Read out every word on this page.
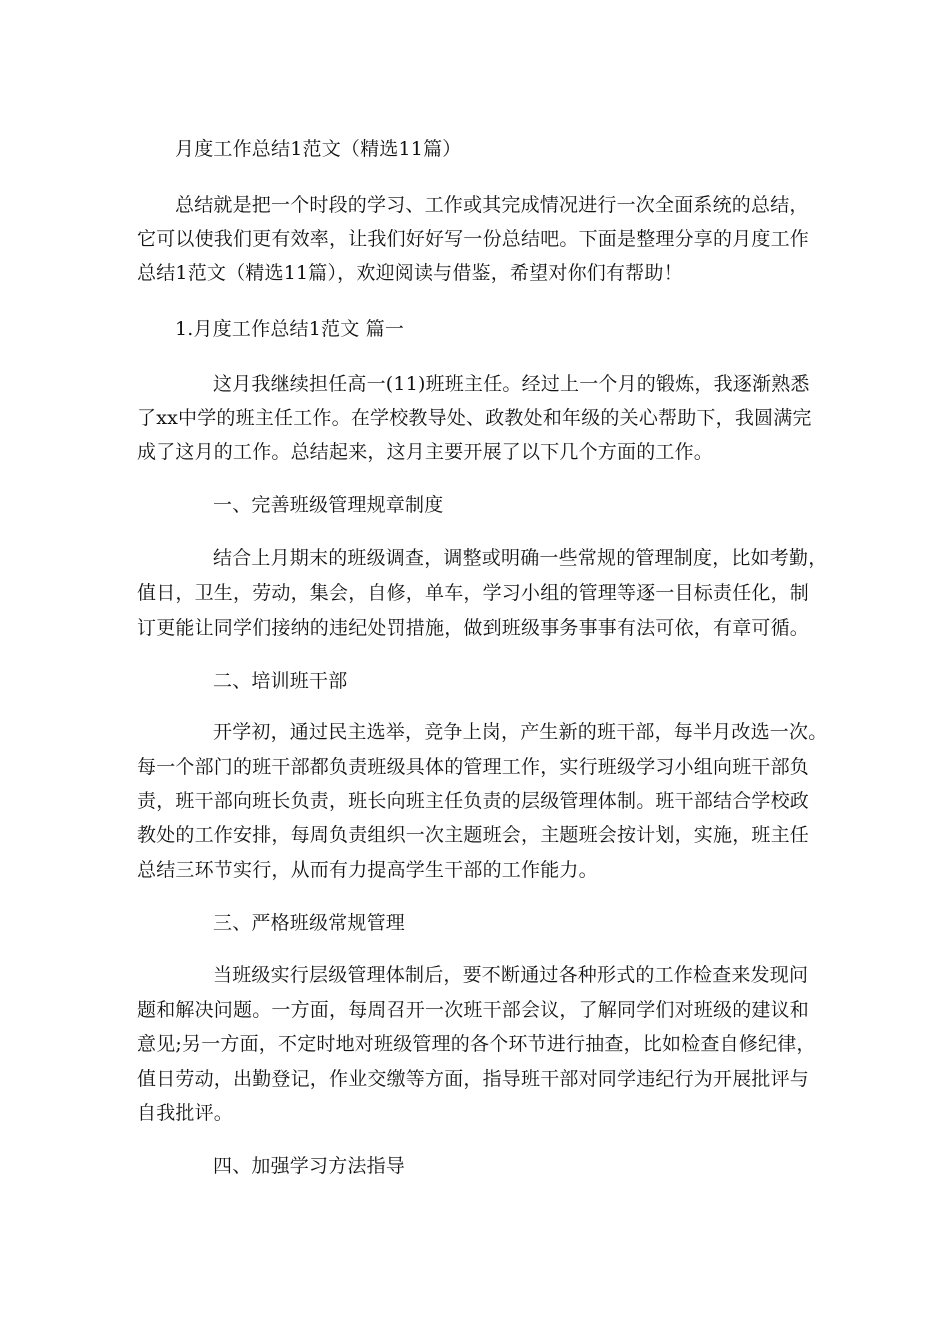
月度工作总结1范文（精选11篇）
总结就是把一个时段的学习、工作或其完成情况进行一次全面系统的总结，
它可以使我们更有效率，让我们好好写一份总结吧。下面是整理分享的月度工作
总结1范文（精选11篇），欢迎阅读与借鉴，希望对你们有帮助！
1.月度工作总结1范文 篇一
这月我继续担任高一(11)班班主任。经过上一个月的锻炼，我逐渐熟悉
了xx中学的班主任工作。在学校教导处、政教处和年级的关心帮助下，我圆满完
成了这月的工作。总结起来，这月主要开展了以下几个方面的工作。
一、完善班级管理规章制度
结合上月期末的班级调查，调整或明确一些常规的管理制度，比如考勤，
值日，卫生，劳动，集会，自修，单车，学习小组的管理等逐一目标责任化，制
订更能让同学们接纳的违纪处罚措施，做到班级事务事事有法可依，有章可循。
二、培训班干部
开学初，通过民主选举，竞争上岗，产生新的班干部，每半月改选一次。
每一个部门的班干部都负责班级具体的管理工作，实行班级学习小组向班干部负
责，班干部向班长负责，班长向班主任负责的层级管理体制。班干部结合学校政
教处的工作安排，每周负责组织一次主题班会，主题班会按计划，实施，班主任
总结三环节实行，从而有力提高学生干部的工作能力。
三、严格班级常规管理
当班级实行层级管理体制后，要不断通过各种形式的工作检查来发现问
题和解决问题。一方面，每周召开一次班干部会议，了解同学们对班级的建议和
意见;另一方面，不定时地对班级管理的各个环节进行抽查，比如检查自修纪律，
值日劳动，出勤登记，作业交缴等方面，指导班干部对同学违纪行为开展批评与
自我批评。
四、加强学习方法指导
